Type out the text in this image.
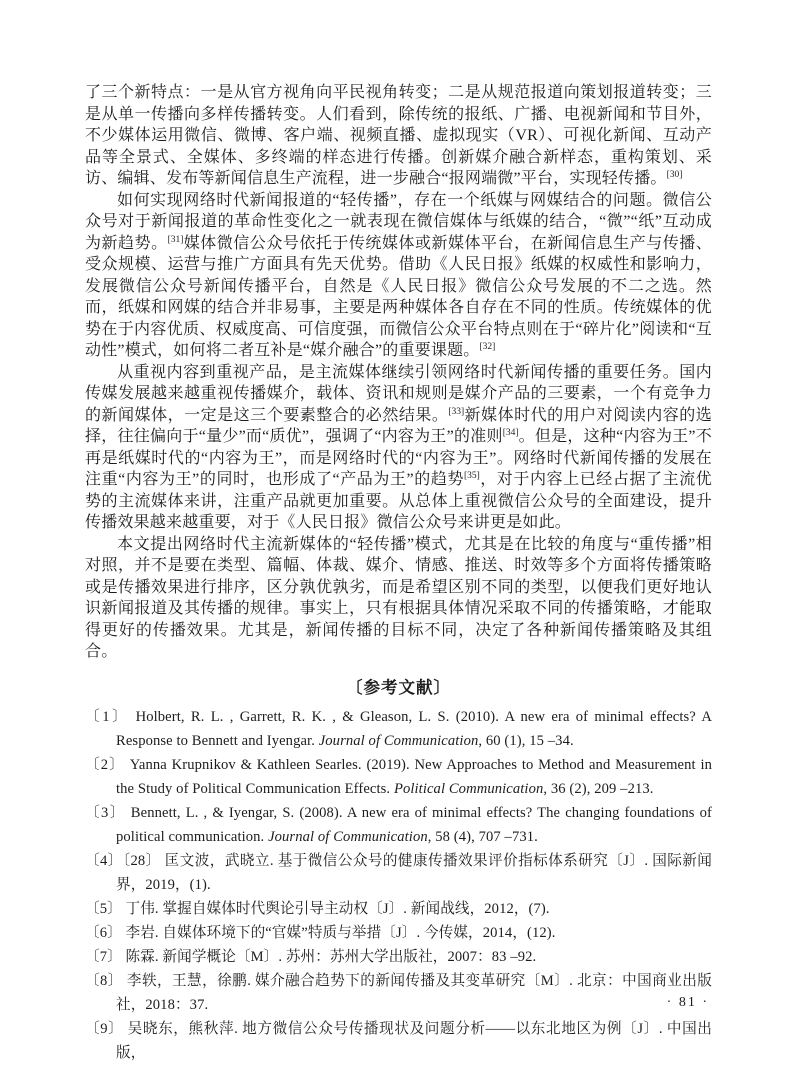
了三个新特点：一是从官方视角向平民视角转变；二是从规范报道向策划报道转变；三是从单一传播向多样传播转变。人们看到，除传统的报纸、广播、电视新闻和节目外，不少媒体运用微信、微博、客户端、视频直播、虚拟现实（VR）、可视化新闻、互动产品等全景式、全媒体、多终端的样态进行传播。创新媒介融合新样态，重构策划、采访、编辑、发布等新闻信息生产流程，进一步融合“报网端微”平台，实现轻传播。[30]

如何实现网络时代新闻报道的“轻传播”，存在一个纸媒与网媒结合的问题。微信公众号对于新闻报道的革命性变化之一就表现在微信媒体与纸媒的结合，“微”“纸”互动成为新趋势。[31]媒体微信公众号依托于传统媒体或新媒体平台，在新闻信息生产与传播、受众规模、运营与推广方面具有先天优势。借助《人民日报》纸媒的权威性和影响力，发展微信公众号新闻传播平台，自然是《人民日报》微信公众号发展的不二之选。然而，纸媒和网媒的结合并非易事，主要是两种媒体各自存在不同的性质。传统媒体的优势在于内容优质、权威度高、可信度强，而微信公众平台特点则在于“碎片化”阅读和“互动性”模式，如何将二者互补是“媒介融合”的重要课题。[32]

从重视内容到重视产品，是主流媒体继续引领网络时代新闻传播的重要任务。国内传媒发展越来越重视传播媒介，载体、资讯和规则是媒介产品的三要素，一个有竞争力的新闻媒体，一定是这三个要素整合的必然结果。[33]新媒体时代的用户对阅读内容的选择，往往偏向于“量少”而“质优”，强调了“内容为王”的准则[34]。但是，这种“内容为王”不再是纸媒时代的“内容为王”，而是网络时代的“内容为王”。网络时代新闻传播的发展在注重“内容为王”的同时，也形成了“产品为王”的趋势[35]，对于内容上已经占据了主流优势的主流媒体来讲，注重产品就更加重要。从总体上重视微信公众号的全面建设，提升传播效果越来越重要，对于《人民日报》微信公众号来讲更是如此。

本文提出网络时代主流新媒体的“轻传播”模式，尤其是在比较的角度与“重传播”相对照，并不是要在类型、篇幅、体裁、媒介、情感、推送、时效等多个方面将传播策略或是传播效果进行排序，区分孰优孰劣，而是希望区别不同的类型，以便我们更好地认识新闻报道及其传播的规律。事实上，只有根据具体情况采取不同的传播策略，才能取得更好的传播效果。尤其是，新闻传播的目标不同，决定了各种新闻传播策略及其组合。

〔参考文献〕
〔1〕 Holbert, R. L. , Garrett, R. K. , & Gleason, L. S. (2010). A new era of minimal effects? A Response to Bennett and Iyengar. Journal of Communication, 60 (1), 15 –34.
〔2〕 Yanna Krupnikov & Kathleen Searles. (2019). New Approaches to Method and Measurement in the Study of Political Communication Effects. Political Communication, 36 (2), 209 –213.
〔3〕 Bennett, L. , & Iyengar, S. (2008). A new era of minimal effects? The changing foundations of political communication. Journal of Communication, 58 (4), 707 –731.
〔4〕〔28〕 匡文波，武晓立. 基于微信公众号的健康传播效果评价指标体系研究〔J〕. 国际新闻界，2019，(1).
〔5〕 丁伟. 掌握自媒体时代舆论引导主动权〔J〕. 新闻战线，2012，(7).
〔6〕 李岩. 自媒体环境下的“官媒”特质与举措〔J〕. 今传媒，2014，(12).
〔7〕 陈霖. 新闻学概论〔M〕. 苏州：苏州大学出版社，2007：83 –92.
〔8〕 李轶，王慧，徐鹏. 媒介融合趋势下的新闻传播及其变革研究〔M〕. 北京：中国商业出版社，2018：37.
〔9〕 吴晓东，熊秋萍. 地方微信公众号传播现状及问题分析——以东北地区为例〔J〕. 中国出版，
· 81 ·
